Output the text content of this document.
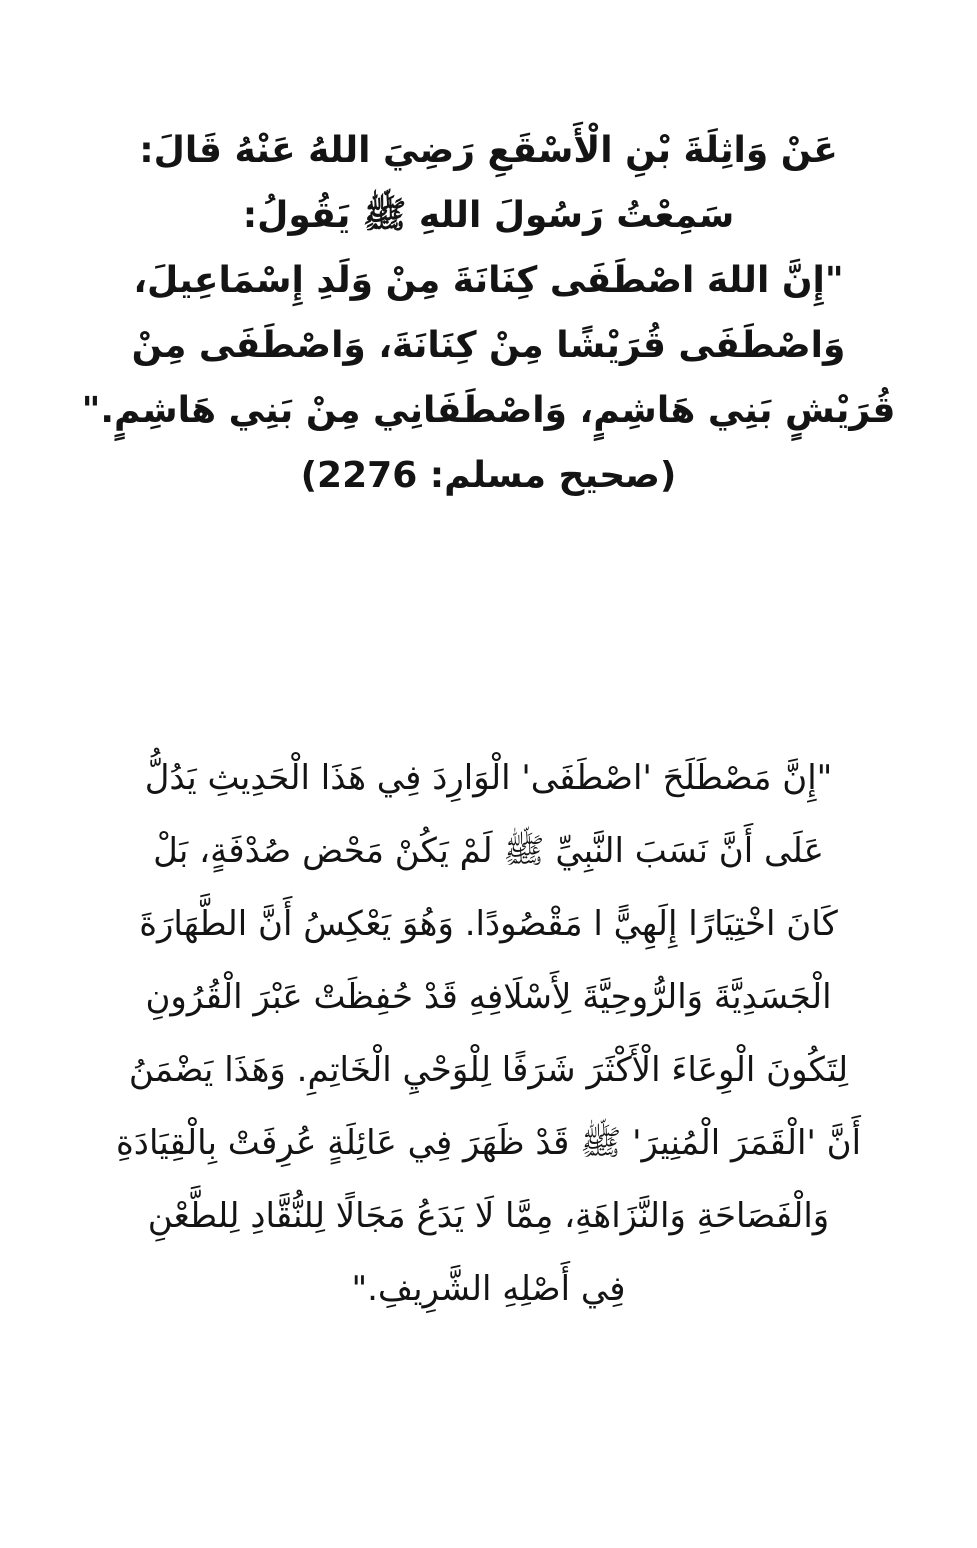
عَنْ وَاثِلَةَ بْنِ الْأَسْقَعِ رَضِيَ اللهُ عَنْهُ قَالَ:
سَمِعْتُ رَسُولَ اللهِ ﷺ يَقُولُ:
"إِنَّ اللهَ اصْطَفَى كِنَانَةَ مِنْ وَلَدِ إِسْمَاعِيلَ،
وَاصْطَفَى قُرَيْشًا مِنْ كِنَانَةَ، وَاصْطَفَى مِنْ
قُرَيْشٍ بَنِي هَاشِمٍ، وَاصْطَفَانِي مِنْ بَنِي هَاشِمٍ."
(صحيح مسلم: 2276)
"إِنَّ مَصْطَلَحَ 'اصْطَفَى' الْوَارِدَ فِي هَذَا الْحَدِيثِ يَدُلُّ
عَلَى أَنَّ نَسَبَ النَّبِيِّ ﷺ لَمْ يَكُنْ مَحْض صُدْفَةٍ، بَلْ
كَانَ اخْتِيَارًا إِلَهِيًّ ا مَقْصُودًا. وَهُوَ يَعْكِسُ أَنَّ الطَّهَارَةَ
الْجَسَدِيَّةَ وَالرُّوحِيَّةَ لِأَسْلَافِهِ قَدْ حُفِظَتْ عَبْرَ الْقُرُونِ
لِتَكُونَ الْوِعَاءَ الْأَكْثَرَ شَرَفًا لِلْوَحْيِ الْخَاتِمِ. وَهَذَا يَضْمَنُ
أَنَّ 'الْقَمَرَ الْمُنِيرَ' ﷺ قَدْ ظَهَرَ فِي عَائِلَةٍ عُرِفَتْ بِالْقِيَادَةِ
وَالْفَصَاحَةِ وَالنَّزَاهَةِ، مِمَّا لَا يَدَعُ مَجَالًا لِلنُّقَّادِ لِلطَّعْنِ
فِي أَصْلِهِ الشَّرِيفِ."
